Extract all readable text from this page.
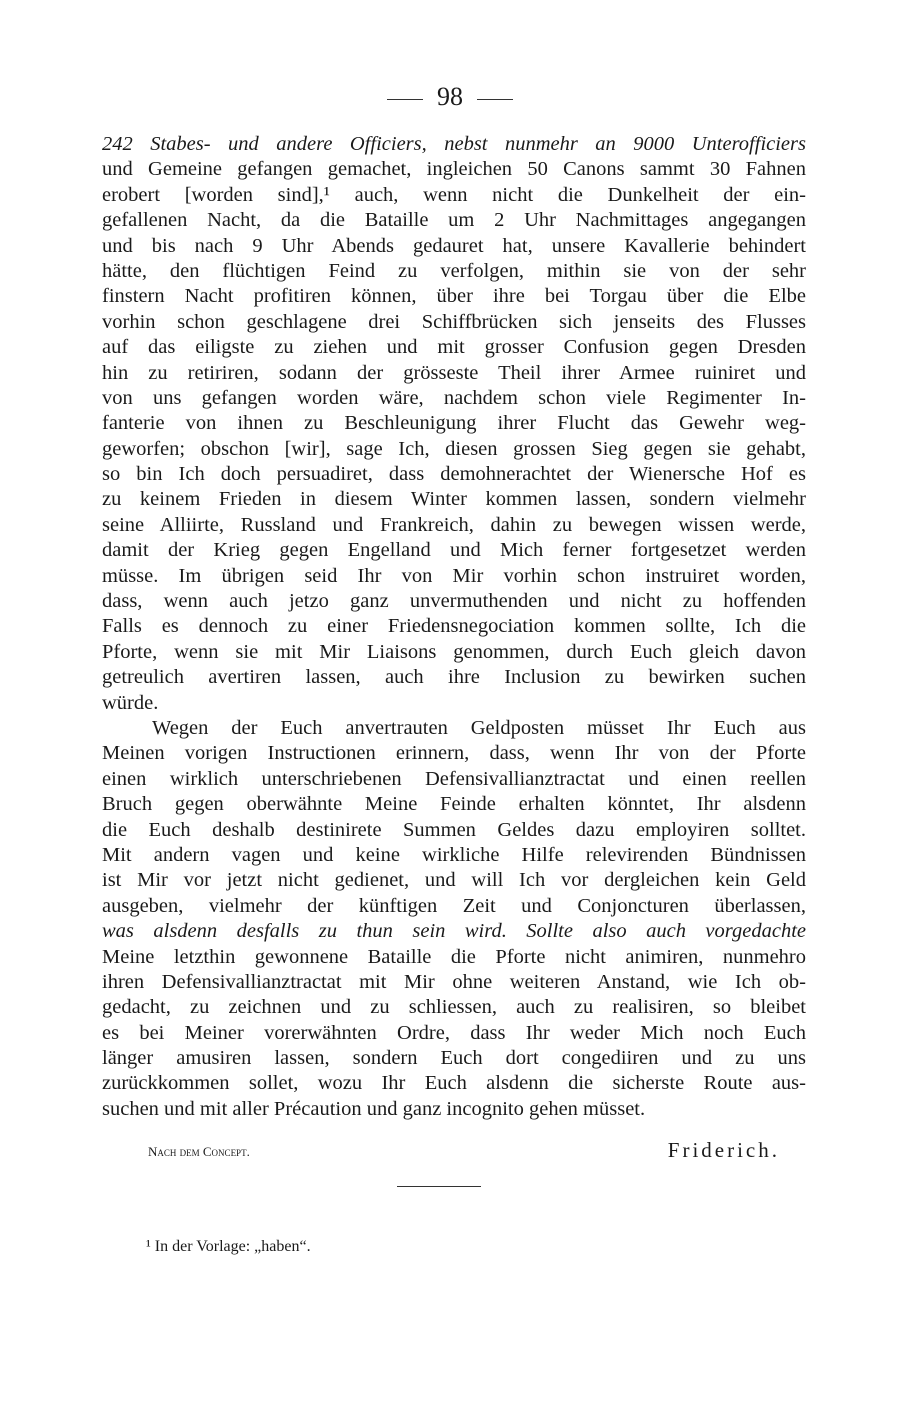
98
242 Stabes- und andere Officiers, nebst nunmehr an 9000 Unterofficiers
und Gemeine gefangen gemachet, ingleichen 50 Canons sammt 30 Fahnen
erobert [worden sind],¹ auch, wenn nicht die Dunkelheit der ein-
gefallenen Nacht, da die Bataille um 2 Uhr Nachmittages angegangen
und bis nach 9 Uhr Abends gedauret hat, unsere Kavallerie behindert
hätte, den flüchtigen Feind zu verfolgen, mithin sie von der sehr
finstern Nacht profitiren können, über ihre bei Torgau über die Elbe
vorhin schon geschlagene drei Schiffbrücken sich jenseits des Flusses
auf das eiligste zu ziehen und mit grosser Confusion gegen Dresden
hin zu retiriren, sodann der grösseste Theil ihrer Armee ruiniret und
von uns gefangen worden wäre, nachdem schon viele Regimenter In-
fanterie von ihnen zu Beschleunigung ihrer Flucht das Gewehr weg-
geworfen; obschon [wir], sage Ich, diesen grossen Sieg gegen sie gehabt,
so bin Ich doch persuadiret, dass demohnerachtet der Wienersche Hof es
zu keinem Frieden in diesem Winter kommen lassen, sondern vielmehr
seine Alliirte, Russland und Frankreich, dahin zu bewegen wissen werde,
damit der Krieg gegen Engelland und Mich ferner fortgesetzet werden
müsse. Im übrigen seid Ihr von Mir vorhin schon instruiret worden,
dass, wenn auch jetzo ganz unvermuthenden und nicht zu hoffenden
Falls es dennoch zu einer Friedensnegociation kommen sollte, Ich die
Pforte, wenn sie mit Mir Liaisons genommen, durch Euch gleich davon
getreulich avertiren lassen, auch ihre Inclusion zu bewirken suchen
würde.
Wegen der Euch anvertrauten Geldposten müsset Ihr Euch aus
Meinen vorigen Instructionen erinnern, dass, wenn Ihr von der Pforte
einen wirklich unterschriebenen Defensivallianztractat und einen reellen
Bruch gegen oberwähnte Meine Feinde erhalten könntet, Ihr alsdenn
die Euch deshalb destinirete Summen Geldes dazu employiren solltet.
Mit andern vagen und keine wirkliche Hilfe relevirenden Bündnissen
ist Mir vor jetzt nicht gedienet, und will Ich vor dergleichen kein Geld
ausgeben, vielmehr der künftigen Zeit und Conjoncturen überlassen,
was alsdenn desfalls zu thun sein wird. Sollte also auch vorgedachte
Meine letzthin gewonnene Bataille die Pforte nicht animiren, nunmehro
ihren Defensivallianztractat mit Mir ohne weiteren Anstand, wie Ich ob-
gedacht, zu zeichnen und zu schliessen, auch zu realisiren, so bleibet
es bei Meiner vorerwähnten Ordre, dass Ihr weder Mich noch Euch
länger amusiren lassen, sondern Euch dort congediiren und zu uns
zurückkommen sollet, wozu Ihr Euch alsdenn die sicherste Route aus-
suchen und mit aller Précaution und ganz incognito gehen müsset.
Nach dem Concept.	Friderich.
¹ In der Vorlage: „haben“.
